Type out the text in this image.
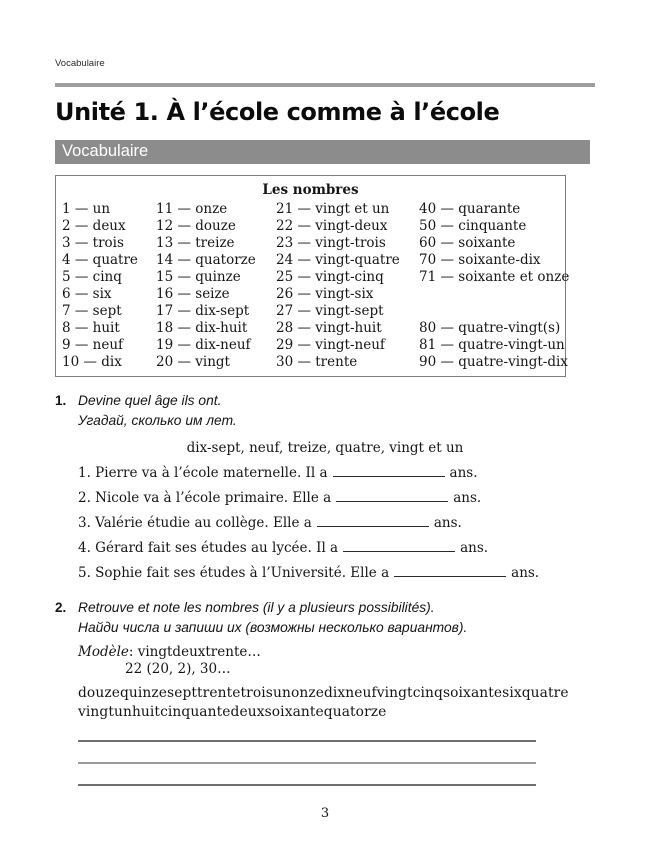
Vocabulaire
Unité 1. À l’école comme à l’école
Vocabulaire
Les nombres
1 — un	11 — onze	21 — vingt et un	40 — quarante
2 — deux	12 — douze	22 — vingt-deux	50 — cinquante
3 — trois	13 — treize	23 — vingt-trois	60 — soixante
4 — quatre	14 — quatorze	24 — vingt-quatre	70 — soixante-dix
5 — cinq	15 — quinze	25 — vingt-cinq	71 — soixante et onze
6 — six	16 — seize	26 — vingt-six
7 — sept	17 — dix-sept	27 — vingt-sept
8 — huit	18 — dix-huit	28 — vingt-huit	80 — quatre-vingt(s)
9 — neuf	19 — dix-neuf	29 — vingt-neuf	81 — quatre-vingt-un
10 — dix	20 — vingt	30 — trente	90 — quatre-vingt-dix
1. Devine quel âge ils ont.
Угадай, сколько им лет.
dix-sept, neuf, treize, quatre, vingt et un
1. Pierre va à l’école maternelle. Il a	ans.
2. Nicole va à l’école primaire. Elle a	ans.
3. Valérie étudie au collège. Elle a	ans.
4. Gérard fait ses études au lycée. Il a	ans.
5. Sophie fait ses études à l’Université. Elle a	ans.
2. Retrouve et note les nombres (il y a plusieurs possibilités).
Найди числа и запиши их (возможны несколько вариантов).
Modèle: vingtdeuxtrente…
22 (20, 2), 30…
douzequinzesepttrentetroisunonzedixneufvingtcinqsoixantesixquatre
vingtunhuitcinquantedeuxsoixantequatorze
3
